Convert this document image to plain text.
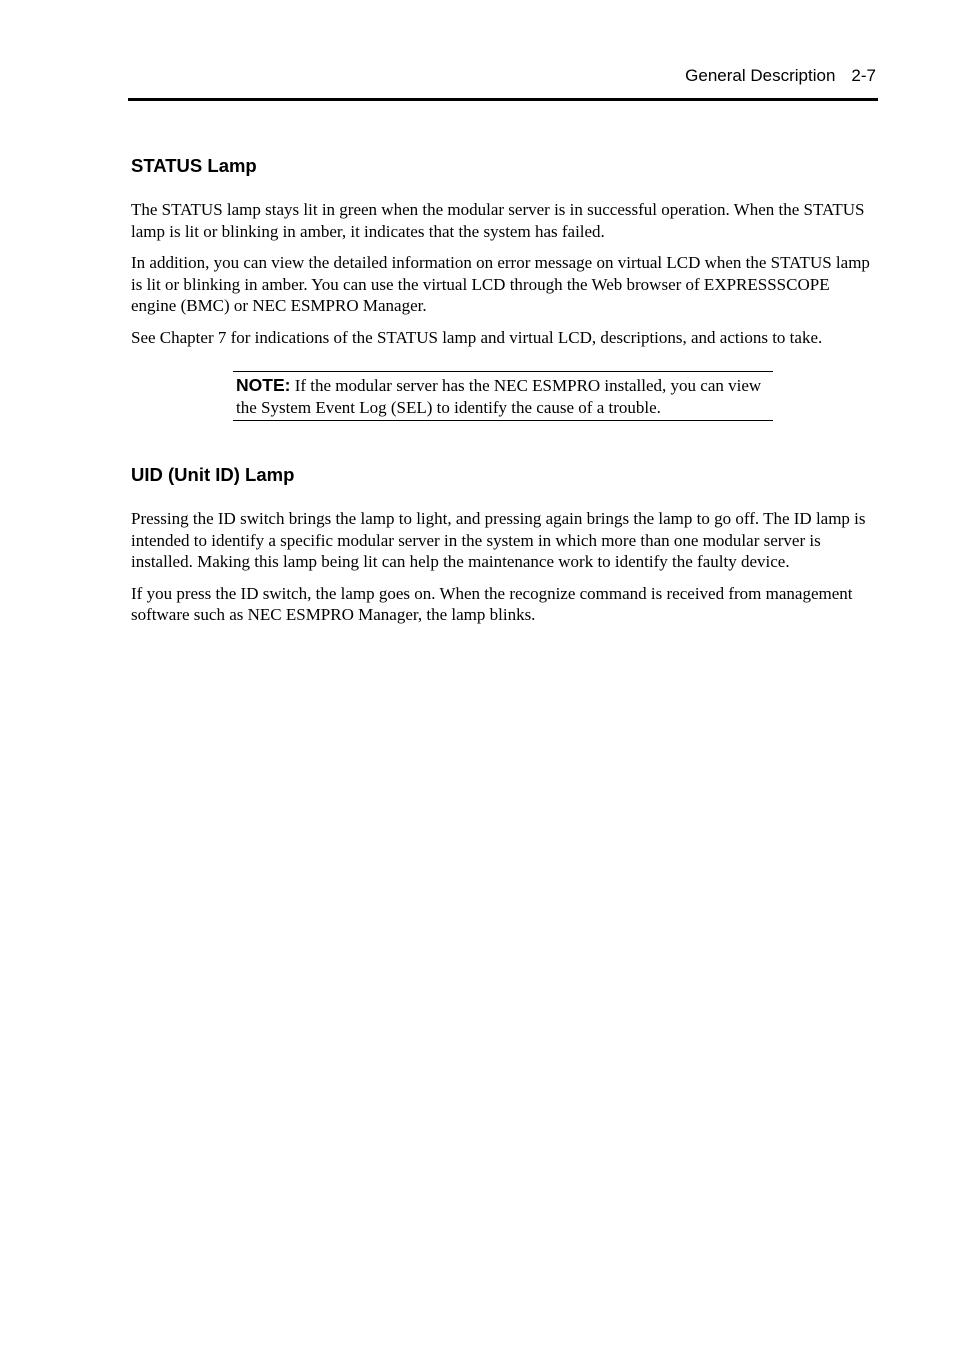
General Description 2-7
STATUS Lamp

The STATUS lamp stays lit in green when the modular server is in successful operation. When the STATUS lamp is lit or blinking in amber, it indicates that the system has failed.

In addition, you can view the detailed information on error message on virtual LCD when the STATUS lamp is lit or blinking in amber. You can use the virtual LCD through the Web browser of EXPRESSSCOPE engine (BMC) or NEC ESMPRO Manager.

See Chapter 7 for indications of the STATUS lamp and virtual LCD, descriptions, and actions to take.

NOTE: If the modular server has the NEC ESMPRO installed, you can view the System Event Log (SEL) to identify the cause of a trouble.
UID (Unit ID) Lamp

Pressing the ID switch brings the lamp to light, and pressing again brings the lamp to go off. The ID lamp is intended to identify a specific modular server in the system in which more than one modular server is installed. Making this lamp being lit can help the maintenance work to identify the faulty device.

If you press the ID switch, the lamp goes on. When the recognize command is received from management software such as NEC ESMPRO Manager, the lamp blinks.
